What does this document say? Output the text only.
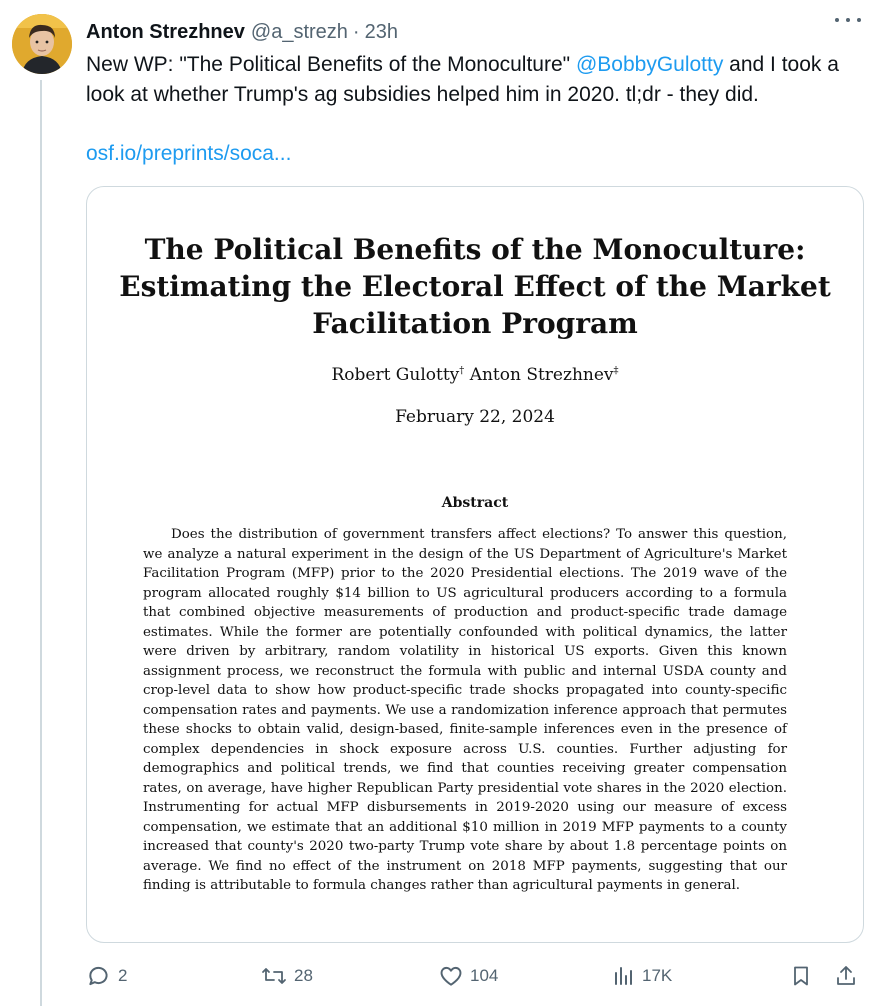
Anton Strezhnev @a_strezh · 23h
New WP: "The Political Benefits of the Monoculture" @BobbyGulotty and I took a look at whether Trump's ag subsidies helped him in 2020. tl;dr - they did.
osf.io/preprints/soca...
The Political Benefits of the Monoculture: Estimating the Electoral Effect of the Market Facilitation Program
Robert Gulotty† Anton Strezhnev‡
February 22, 2024
Abstract

Does the distribution of government transfers affect elections? To answer this question, we analyze a natural experiment in the design of the US Department of Agriculture's Market Facilitation Program (MFP) prior to the 2020 Presidential elections. The 2019 wave of the program allocated roughly $14 billion to US agricultural producers according to a formula that combined objective measurements of production and product-specific trade damage estimates. While the former are potentially confounded with political dynamics, the latter were driven by arbitrary, random volatility in historical US exports. Given this known assignment process, we reconstruct the formula with public and internal USDA county and crop-level data to show how product-specific trade shocks propagated into county-specific compensation rates and payments. We use a randomization inference approach that permutes these shocks to obtain valid, design-based, finite-sample inferences even in the presence of complex dependencies in shock exposure across U.S. counties. Further adjusting for demographics and political trends, we find that counties receiving greater compensation rates, on average, have higher Republican Party presidential vote shares in the 2020 election. Instrumenting for actual MFP disbursements in 2019-2020 using our measure of excess compensation, we estimate that an additional $10 million in 2019 MFP payments to a county increased that county's 2020 two-party Trump vote share by about 1.8 percentage points on average. We find no effect of the instrument on 2018 MFP payments, suggesting that our finding is attributable to formula changes rather than agricultural payments in general.

2	28	104	17K
